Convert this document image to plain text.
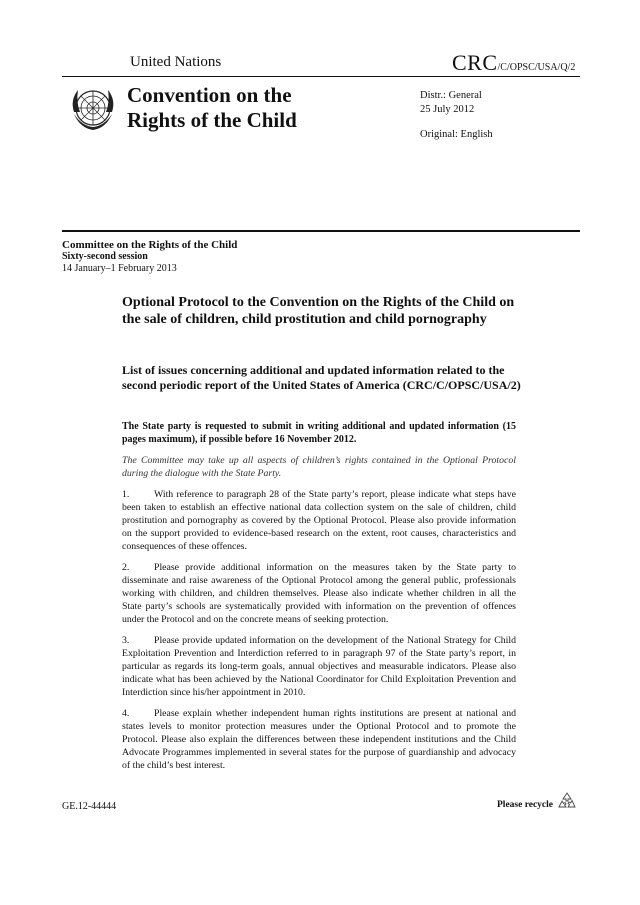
United Nations	CRC/C/OPSC/USA/Q/2
Convention on the
Rights of the Child
Distr.: General
25 July 2012
Original: English
Committee on the Rights of the Child
Sixty-second session
14 January–1 February 2013
Optional Protocol to the Convention on the Rights of the Child on the sale of children, child prostitution and child pornography
List of issues concerning additional and updated information related to the second periodic report of the United States of America (CRC/C/OPSC/USA/2)

The State party is requested to submit in writing additional and updated information (15 pages maximum), if possible before 16 November 2012.

The Committee may take up all aspects of children’s rights contained in the Optional Protocol during the dialogue with the State Party.

1.	With reference to paragraph 28 of the State party’s report, please indicate what steps have been taken to establish an effective national data collection system on the sale of children, child prostitution and pornography as covered by the Optional Protocol. Please also provide information on the support provided to evidence-based research on the extent, root causes, characteristics and consequences of these offences.

2.	Please provide additional information on the measures taken by the State party to disseminate and raise awareness of the Optional Protocol among the general public, professionals working with children, and children themselves. Please also indicate whether children in all the State party’s schools are systematically provided with information on the prevention of offences under the Protocol and on the concrete means of seeking protection.

3.	Please provide updated information on the development of the National Strategy for Child Exploitation Prevention and Interdiction referred to in paragraph 97 of the State party’s report, in particular as regards its long-term goals, annual objectives and measurable indicators. Please also indicate what has been achieved by the National Coordinator for Child Exploitation Prevention and Interdiction since his/her appointment in 2010.

4.	Please explain whether independent human rights institutions are present at national and states levels to monitor protection measures under the Optional Protocol and to promote the Protocol. Please also explain the differences between these independent institutions and the Child Advocate Programmes implemented in several states for the purpose of guardianship and advocacy of the child’s best interest.

GE.12-44444	Please recycle
